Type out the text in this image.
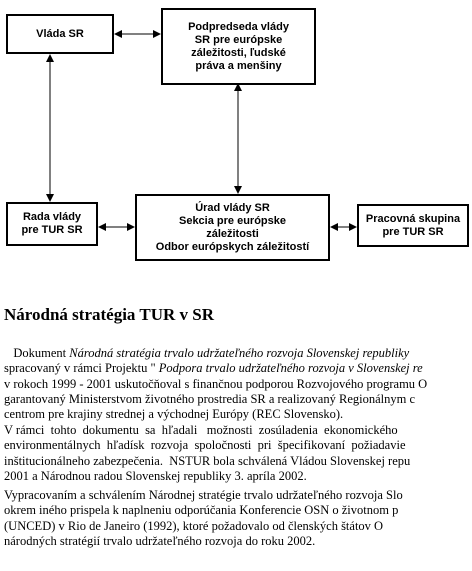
Vláda SR
Podpredseda vlády
SR pre európske
záležitosti, ľudské
práva a menšiny
Rada vlády
pre TUR SR
Úrad vlády SR
Sekcia pre európske
záležitosti
Odbor európskych záležitostí
Pracovná skupina
pre TUR SR
Národná stratégia TUR v SR
Dokument Národná stratégia trvalo udržateľného rozvoja Slovenskej republiky
spracovaný v rámci Projektu " Podpora trvalo udržateľného rozvoja v Slovenskej re
v rokoch 1999 - 2001 uskutočňoval s finančnou podporou Rozvojového programu O
garantovaný Ministerstvom životného prostredia SR a realizovaný Regionálnym c
centrom pre krajiny strednej a východnej Európy (REC Slovensko).
V rámci  tohto  dokumentu  sa  hľadali   možnosti  zosúladenia  ekonomického
environmentálnych  hľadísk  rozvoja  spoločnosti  pri  špecifikovaní  požiadavie
inštitucionálneho zabezpečenia.  NSTUR bola schválená Vládou Slovenskej repu
2001 a Národnou radou Slovenskej republiky 3. apríla 2002.
Vypracovaním a schválením Národnej stratégie trvalo udržateľného rozvoja Slo
okrem iného prispela k naplneniu odporúčania Konferencie OSN o životnom p
(UNCED) v Rio de Janeiro (1992), ktoré požadovalo od členských štátov O
národných stratégií trvalo udržateľného rozvoja do roku 2002.
